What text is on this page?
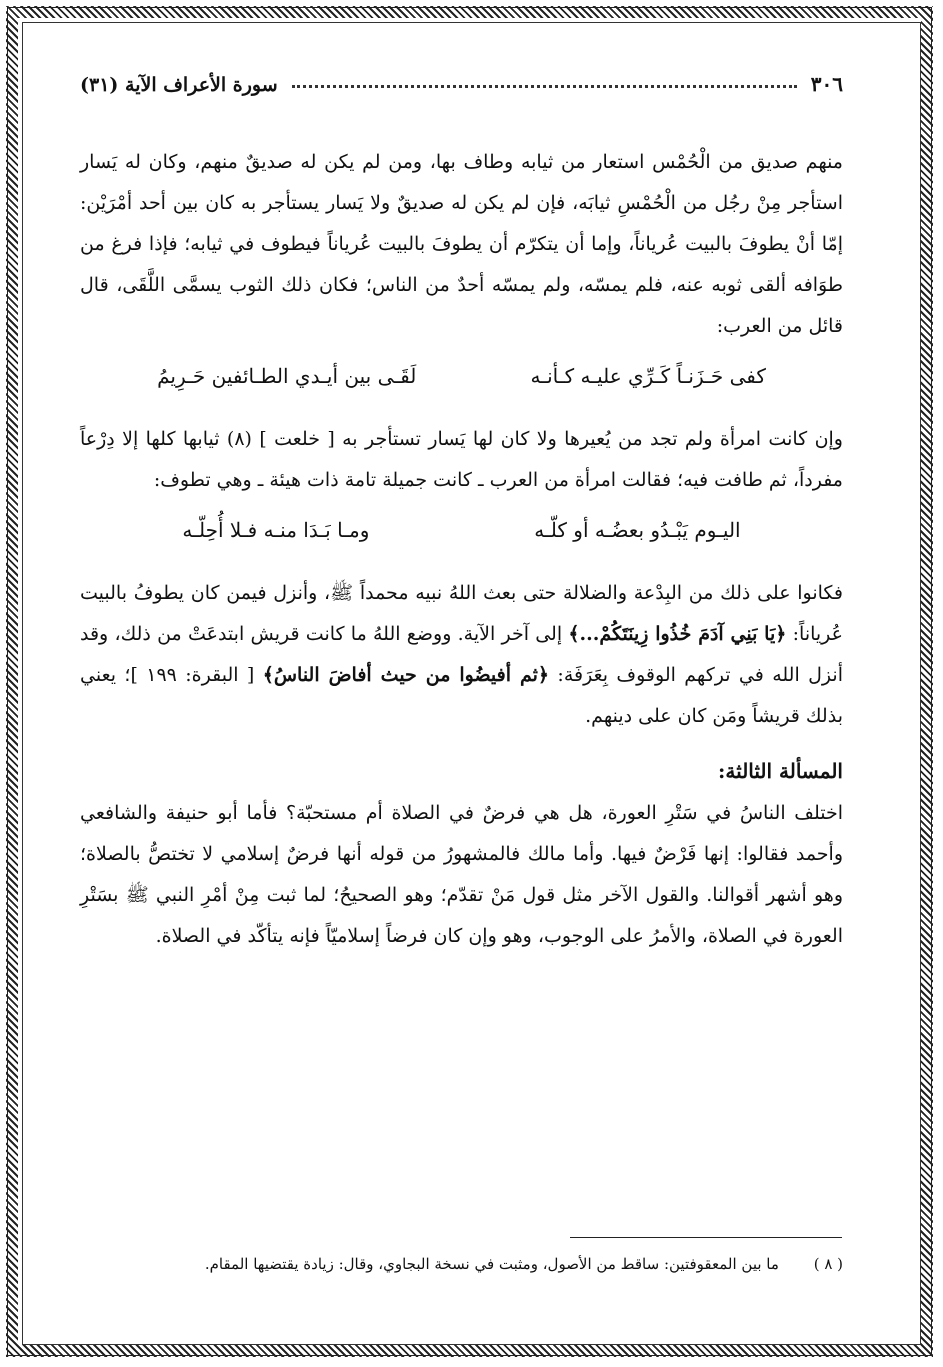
٣٠٦
سورة الأعراف الآية (٣١)

منهم صديق من الْحُمْس استعار من ثيابه وطاف بها، ومن لم يكن له صديقٌ منهم، وكان له يَسار استأجر مِنْ رجُل من الْحُمْسِ ثيابَه، فإن لم يكن له صديقٌ ولا يَسار يستأجر به كان بين أحد أمْرَيْن: إمّا أنْ يطوفَ بالبيت عُرياناً، وإما أن يتكرّم أن يطوفَ بالبيت عُرياناً فيطوف في ثيابه؛ فإذا فرغ من طوَافه ألقى ثوبه عنه، فلم يمسّه، ولم يمسّه أحدٌ من الناس؛ فكان ذلك الثوب يسمَّى اللَّقَى، قال قائل من العرب:

كفى حَـزَنـاً كَـرِّي عليـه كـأنـه
لَقَـى بين أيـدي الطـائفين حَـرِيمُ

وإن كانت امرأة ولم تجد من يُعيرها ولا كان لها يَسار تستأجر به [ خلعت ] (٨) ثيابها كلها إلا دِرْعاً مفرداً، ثم طافت فيه؛ فقالت امرأة من العرب ـ كانت جميلة تامة ذات هيئة ـ وهي تطوف:

اليـوم يَبْـدُو بعضُـه أو كلّـه
ومـا بَـدَا منـه فـلا أُحِلّـه

فكانوا على ذلك من البِدْعة والضلالة حتى بعث اللهُ نبيه محمداً ﷺ، وأنزل فيمن كان يطوفُ بالبيت عُرياناً: ﴿يَا بَنِي آدَمَ خُذُوا زِينَتَكُمْ...﴾ إلى آخر الآية. ووضع اللهُ ما كانت قريش ابتدعَتْ من ذلك، وقد أنزل الله في تركهم الوقوف بِعَرَفَة: ﴿ثم أفيضُوا من حيث أفاضَ الناسُ﴾ [ البقرة: ١٩٩ ]؛ يعني بذلك قريشاً ومَن كان على دينهم.

المسألة الثالثة:

اختلف الناسُ في سَتْرِ العورة، هل هي فرضٌ في الصلاة أم مستحبّة؟ فأما أبو حنيفة والشافعي وأحمد فقالوا: إنها فَرْضٌ فيها. وأما مالك فالمشهورُ من قوله أنها فرضٌ إسلامي لا تختصُّ بالصلاة؛ وهو أشهر أقوالنا. والقول الآخر مثل قول مَنْ تقدّم؛ وهو الصحيحُ؛ لما ثبت مِنْ أمْرِ النبي ﷺ بسَتْرِ العورة في الصلاة، والأمرُ على الوجوب، وهو وإن كان فرضاً إسلاميّاً فإنه يتأكّد في الصلاة.

( ٨ ) ما بين المعقوفتين: ساقط من الأصول، ومثبت في نسخة البجاوي، وقال: زيادة يقتضيها المقام.
